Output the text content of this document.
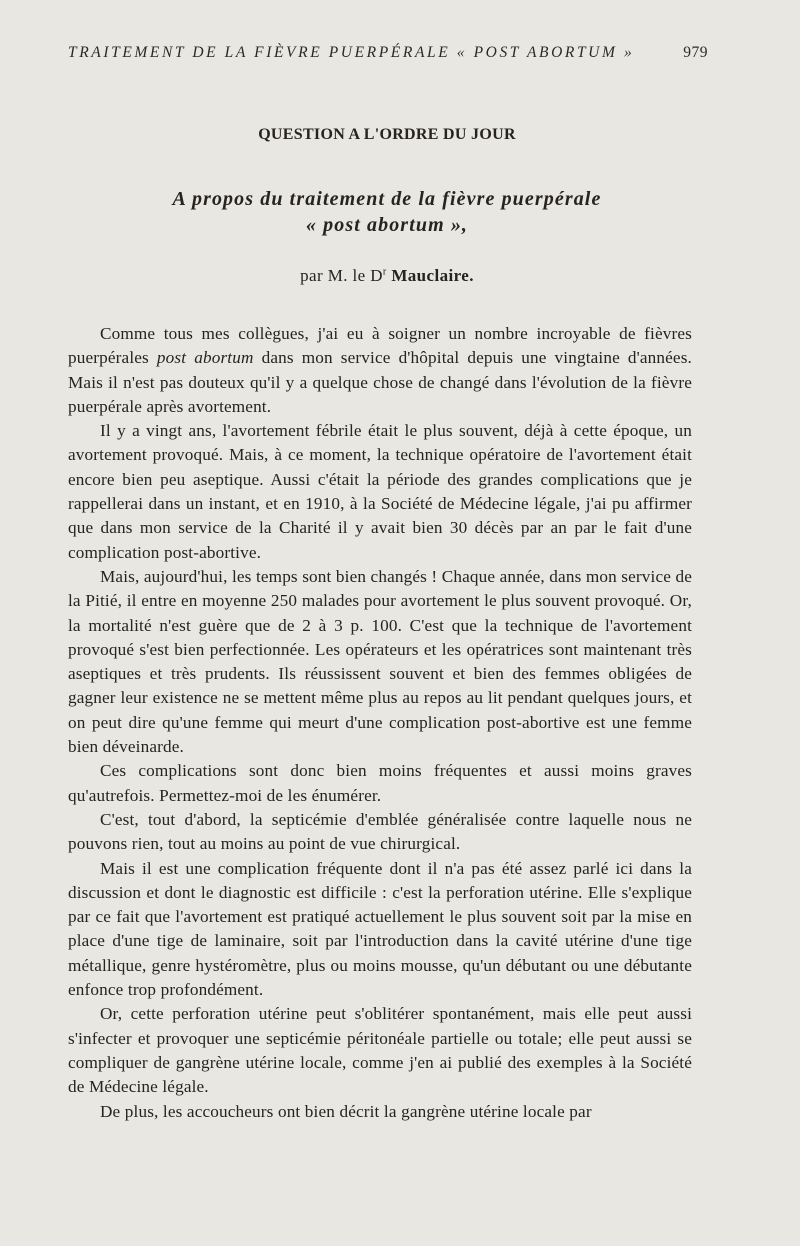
TRAITEMENT DE LA FIÈVRE PUERPÉRALE « POST ABORTUM »	979
QUESTION A L'ORDRE DU JOUR
A propos du traitement de la fièvre puerpérale
« post abortum »,
par M. le $D^r$ Mauclaire.

Comme tous mes collègues, j'ai eu à soigner un nombre incroyable de fièvres puerpérales post abortum dans mon service d'hôpital depuis une vingtaine d'années. Mais il n'est pas douteux qu'il y a quelque chose de changé dans l'évolution de la fièvre puerpérale après avortement.

Il y a vingt ans, l'avortement fébrile était le plus souvent, déjà à cette époque, un avortement provoqué. Mais, à ce moment, la technique opératoire de l'avortement était encore bien peu aseptique. Aussi c'était la période des grandes complications que je rappellerai dans un instant, et en 1910, à la Société de Médecine légale, j'ai pu affirmer que dans mon service de la Charité il y avait bien 30 décès par an par le fait d'une complication post-abortive.

Mais, aujourd'hui, les temps sont bien changés ! Chaque année, dans mon service de la Pitié, il entre en moyenne 250 malades pour avortement le plus souvent provoqué. Or, la mortalité n'est guère que de 2 à 3 p. 100. C'est que la technique de l'avortement provoqué s'est bien perfectionnée. Les opérateurs et les opératrices sont maintenant très aseptiques et très prudents. Ils réussissent souvent et bien des femmes obligées de gagner leur existence ne se mettent même plus au repos au lit pendant quelques jours, et on peut dire qu'une femme qui meurt d'une complication post-abortive est une femme bien déveinarde.

Ces complications sont donc bien moins fréquentes et aussi moins graves qu'autrefois. Permettez-moi de les énumérer.

C'est, tout d'abord, la septicémie d'emblée généralisée contre laquelle nous ne pouvons rien, tout au moins au point de vue chirurgical.

Mais il est une complication fréquente dont il n'a pas été assez parlé ici dans la discussion et dont le diagnostic est difficile : c'est la perforation utérine. Elle s'explique par ce fait que l'avortement est pratiqué actuellement le plus souvent soit par la mise en place d'une tige de laminaire, soit par l'introduction dans la cavité utérine d'une tige métallique, genre hystéromètre, plus ou moins mousse, qu'un débutant ou une débutante enfonce trop profondément.

Or, cette perforation utérine peut s'oblitérer spontanément, mais elle peut aussi s'infecter et provoquer une septicémie péritonéale partielle ou totale; elle peut aussi se compliquer de gangrène utérine locale, comme j'en ai publié des exemples à la Société de Médecine légale.

De plus, les accoucheurs ont bien décrit la gangrène utérine locale par
